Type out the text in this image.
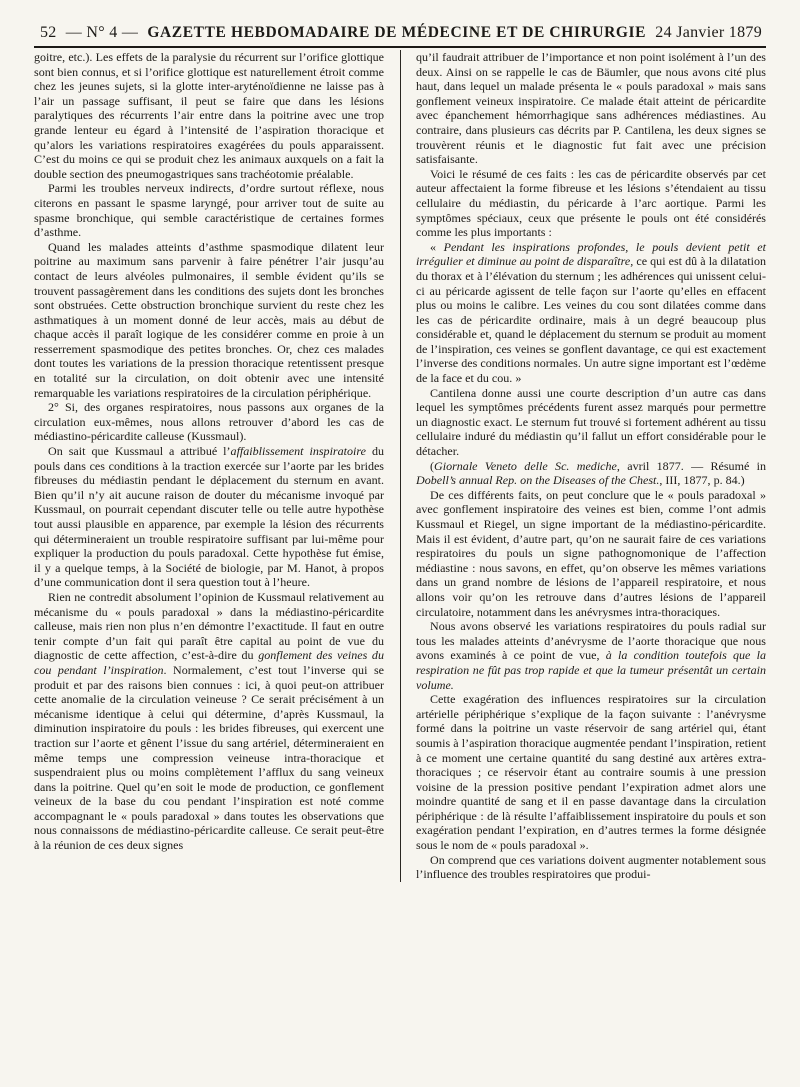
52 — N° 4 — GAZETTE HEBDOMADAIRE DE MÉDECINE ET DE CHIRURGIE 24 Janvier 1879

goitre, etc.). Les effets de la paralysie du récurrent sur l’orifice glottique sont bien connus, et si l’orifice glottique est naturellement étroit comme chez les jeunes sujets, si la glotte inter-aryténoïdienne ne laisse pas à l’air un passage suffisant, il peut se faire que dans les lésions paralytiques des récurrents l’air entre dans la poitrine avec une trop grande lenteur eu égard à l’intensité de l’aspiration thoracique et qu’alors les variations respiratoires exagérées du pouls apparaissent. C’est du moins ce qui se produit chez les animaux auxquels on a fait la double section des pneumogastriques sans trachéotomie préalable.

Parmi les troubles nerveux indirects, d’ordre surtout réflexe, nous citerons en passant le spasme laryngé, pour arriver tout de suite au spasme bronchique, qui semble caractéristique de certaines formes d’asthme.

Quand les malades atteints d’asthme spasmodique dilatent leur poitrine au maximum sans parvenir à faire pénétrer l’air jusqu’au contact de leurs alvéoles pulmonaires, il semble évident qu’ils se trouvent passagèrement dans les conditions des sujets dont les bronches sont obstruées. Cette obstruction bronchique survient du reste chez les asthmatiques à un moment donné de leur accès, mais au début de chaque accès il paraît logique de les considérer comme en proie à un resserrement spasmodique des petites bronches. Or, chez ces malades dont toutes les variations de la pression thoracique retentissent presque en totalité sur la circulation, on doit obtenir avec une intensité remarquable les variations respiratoires de la circulation périphérique.

2° Si, des organes respiratoires, nous passons aux organes de la circulation eux-mêmes, nous allons retrouver d’abord les cas de médiastino-péricardite calleuse (Kussmaul).

On sait que Kussmaul a attribué l’affaiblissement inspiratoire du pouls dans ces conditions à la traction exercée sur l’aorte par les brides fibreuses du médiastin pendant le déplacement du sternum en avant. Bien qu’il n’y ait aucune raison de douter du mécanisme invoqué par Kussmaul, on pourrait cependant discuter telle ou telle autre hypothèse tout aussi plausible en apparence, par exemple la lésion des récurrents qui détermineraient un trouble respiratoire suffisant par lui-même pour expliquer la production du pouls paradoxal. Cette hypothèse fut émise, il y a quelque temps, à la Société de biologie, par M. Hanot, à propos d’une communication dont il sera question tout à l’heure.

Rien ne contredit absolument l’opinion de Kussmaul relativement au mécanisme du « pouls paradoxal » dans la médiastino-péricardite calleuse, mais rien non plus n’en démontre l’exactitude. Il faut en outre tenir compte d’un fait qui paraît être capital au point de vue du diagnostic de cette affection, c’est-à-dire du gonflement des veines du cou pendant l’inspiration. Normalement, c’est tout l’inverse qui se produit et par des raisons bien connues : ici, à quoi peut-on attribuer cette anomalie de la circulation veineuse ? Ce serait précisément à un mécanisme identique à celui qui détermine, d’après Kussmaul, la diminution inspiratoire du pouls : les brides fibreuses, qui exercent une traction sur l’aorte et gênent l’issue du sang artériel, détermineraient en même temps une compression veineuse intra-thoracique et suspendraient plus ou moins complètement l’afflux du sang veineux dans la poitrine. Quel qu’en soit le mode de production, ce gonflement veineux de la base du cou pendant l’inspiration est noté comme accompagnant le « pouls paradoxal » dans toutes les observations que nous connaissons de médiastino-péricardite calleuse. Ce serait peut-être à la réunion de ces deux signes

qu’il faudrait attribuer de l’importance et non point isolément à l’un des deux. Ainsi on se rappelle le cas de Bäumler, que nous avons cité plus haut, dans lequel un malade présenta le « pouls paradoxal » mais sans gonflement veineux inspiratoire. Ce malade était atteint de péricardite avec épanchement hémorrhagique sans adhérences médiastines. Au contraire, dans plusieurs cas décrits par P. Cantilena, les deux signes se trouvèrent réunis et le diagnostic fut fait avec une précision satisfaisante.

Voici le résumé de ces faits : les cas de péricardite observés par cet auteur affectaient la forme fibreuse et les lésions s’étendaient au tissu cellulaire du médiastin, du péricarde à l’arc aortique. Parmi les symptômes spéciaux, ceux que présente le pouls ont été considérés comme les plus importants :

« Pendant les inspirations profondes, le pouls devient petit et irrégulier et diminue au point de disparaître, ce qui est dû à la dilatation du thorax et à l’élévation du sternum ; les adhérences qui unissent celui-ci au péricarde agissent de telle façon sur l’aorte qu’elles en effacent plus ou moins le calibre. Les veines du cou sont dilatées comme dans les cas de péricardite ordinaire, mais à un degré beaucoup plus considérable et, quand le déplacement du sternum se produit au moment de l’inspiration, ces veines se gonflent davantage, ce qui est exactement l’inverse des conditions normales. Un autre signe important est l’œdème de la face et du cou. »

Cantilena donne aussi une courte description d’un autre cas dans lequel les symptômes précédents furent assez marqués pour permettre un diagnostic exact. Le sternum fut trouvé si fortement adhérent au tissu cellulaire induré du médiastin qu’il fallut un effort considérable pour le détacher.

(Giornale Veneto delle Sc. mediche, avril 1877. — Résumé in Dobell’s annual Rep. on the Diseases of the Chest., III, 1877, p. 84.)

De ces différents faits, on peut conclure que le « pouls paradoxal » avec gonflement inspiratoire des veines est bien, comme l’ont admis Kussmaul et Riegel, un signe important de la médiastino-péricardite. Mais il est évident, d’autre part, qu’on ne saurait faire de ces variations respiratoires du pouls un signe pathognomonique de l’affection médiastine : nous savons, en effet, qu’on observe les mêmes variations dans un grand nombre de lésions de l’appareil respiratoire, et nous allons voir qu’on les retrouve dans d’autres lésions de l’appareil circulatoire, notamment dans les anévrysmes intra-thoraciques.

Nous avons observé les variations respiratoires du pouls radial sur tous les malades atteints d’anévrysme de l’aorte thoracique que nous avons examinés à ce point de vue, à la condition toutefois que la respiration ne fût pas trop rapide et que la tumeur présentât un certain volume.

Cette exagération des influences respiratoires sur la circulation artérielle périphérique s’explique de la façon suivante : l’anévrysme formé dans la poitrine un vaste réservoir de sang artériel qui, étant soumis à l’aspiration thoracique augmentée pendant l’inspiration, retient à ce moment une certaine quantité du sang destiné aux artères extra-thoraciques ; ce réservoir étant au contraire soumis à une pression voisine de la pression positive pendant l’expiration admet alors une moindre quantité de sang et il en passe davantage dans la circulation périphérique : de là résulte l’affaiblissement inspiratoire du pouls et son exagération pendant l’expiration, en d’autres termes la forme désignée sous le nom de « pouls paradoxal ».

On comprend que ces variations doivent augmenter notablement sous l’influence des troubles respiratoires que produi-
